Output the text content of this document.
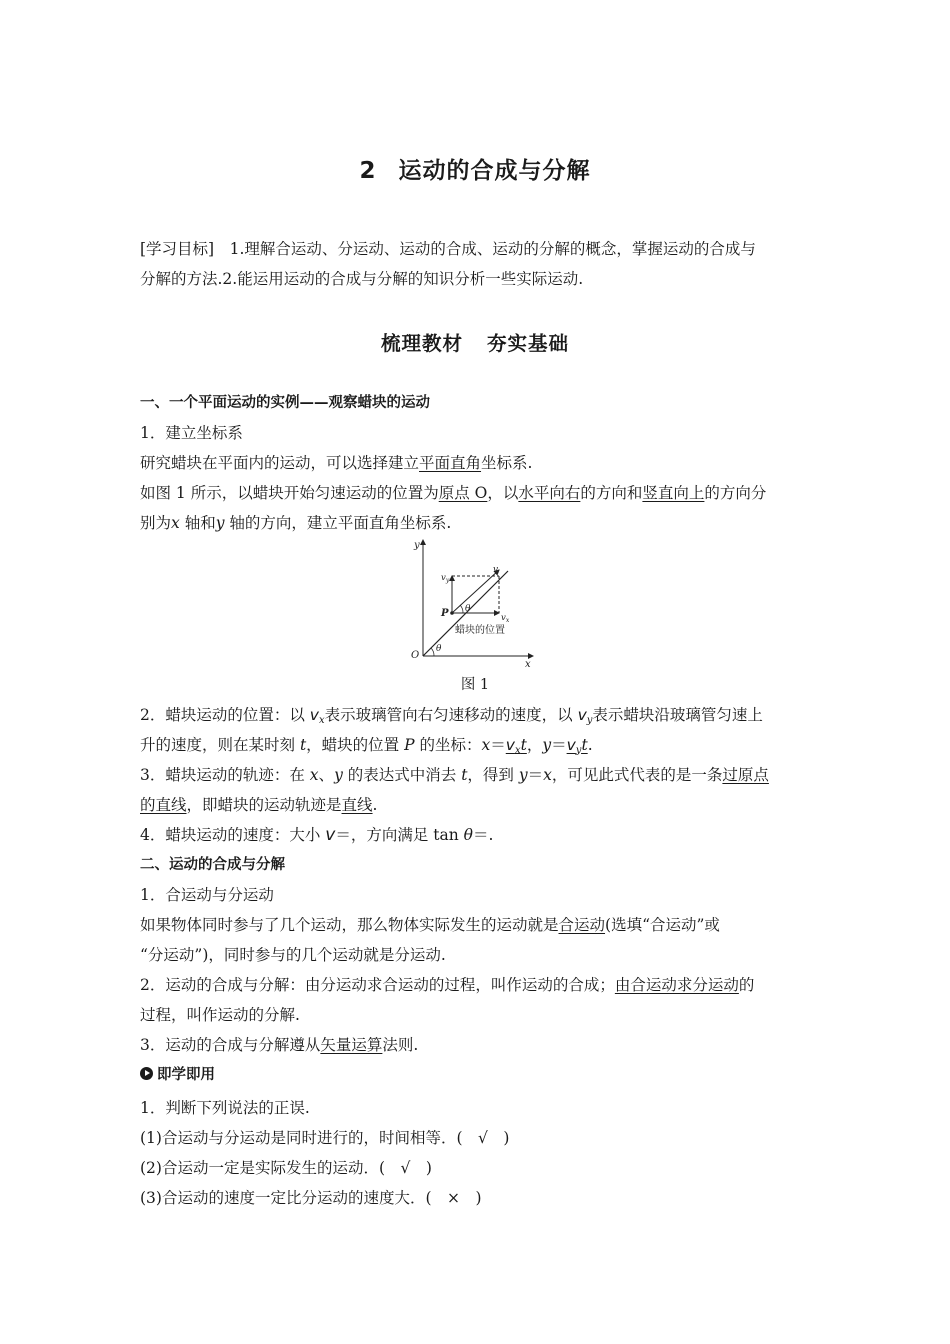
2 运动的合成与分解
[学习目标]　 1.理解合运动、分运动、运动的合成、运动的分解的概念，掌握运动的合成与
分解的方法.2.能运用运动的合成与分解的知识分析一些实际运动.
梳理教材 夯实基础
一、一个平面运动的实例——观察蜡块的运动
1．建立坐标系
研究蜡块在平面内的运动，可以选择建立平面直角坐标系.
如图 1 所示，以蜡块开始匀速运动的位置为原点 O，以水平向右的方向和竖直向上的方向分
别为x 轴和y 轴的方向，建立平面直角坐标系.
y
x
O
P
$v_y$
$v_x$
v
θ
θ
蜡块的位置
图 1
2．蜡块运动的位置：以 $v_x$表示玻璃管向右匀速移动的速度，以 $v_y$表示蜡块沿玻璃管匀速上
升的速度，则在某时刻 t，蜡块的位置 P 的坐标：$x=v_xt$，$y=v_yt$.
3．蜡块运动的轨迹：在 x、y 的表达式中消去 t，得到 y＝x，可见此式代表的是一条过原点
的直线，即蜡块的运动轨迹是直线.
4．蜡块运动的速度：大小 v＝，方向满足 tan θ＝.
二、运动的合成与分解
1．合运动与分运动
如果物体同时参与了几个运动，那么物体实际发生的运动就是合运动(选填“合运动”或
“分运动”)，同时参与的几个运动就是分运动.
2．运动的合成与分解：由分运动求合运动的过程，叫作运动的合成；由合运动求分运动的
过程，叫作运动的分解.
3．运动的合成与分解遵从矢量运算法则.
即学即用
1．判断下列说法的正误.
(1)合运动与分运动是同时进行的，时间相等．(　√　)
(2)合运动一定是实际发生的运动．(　√　)
(3)合运动的速度一定比分运动的速度大．(　×　)
